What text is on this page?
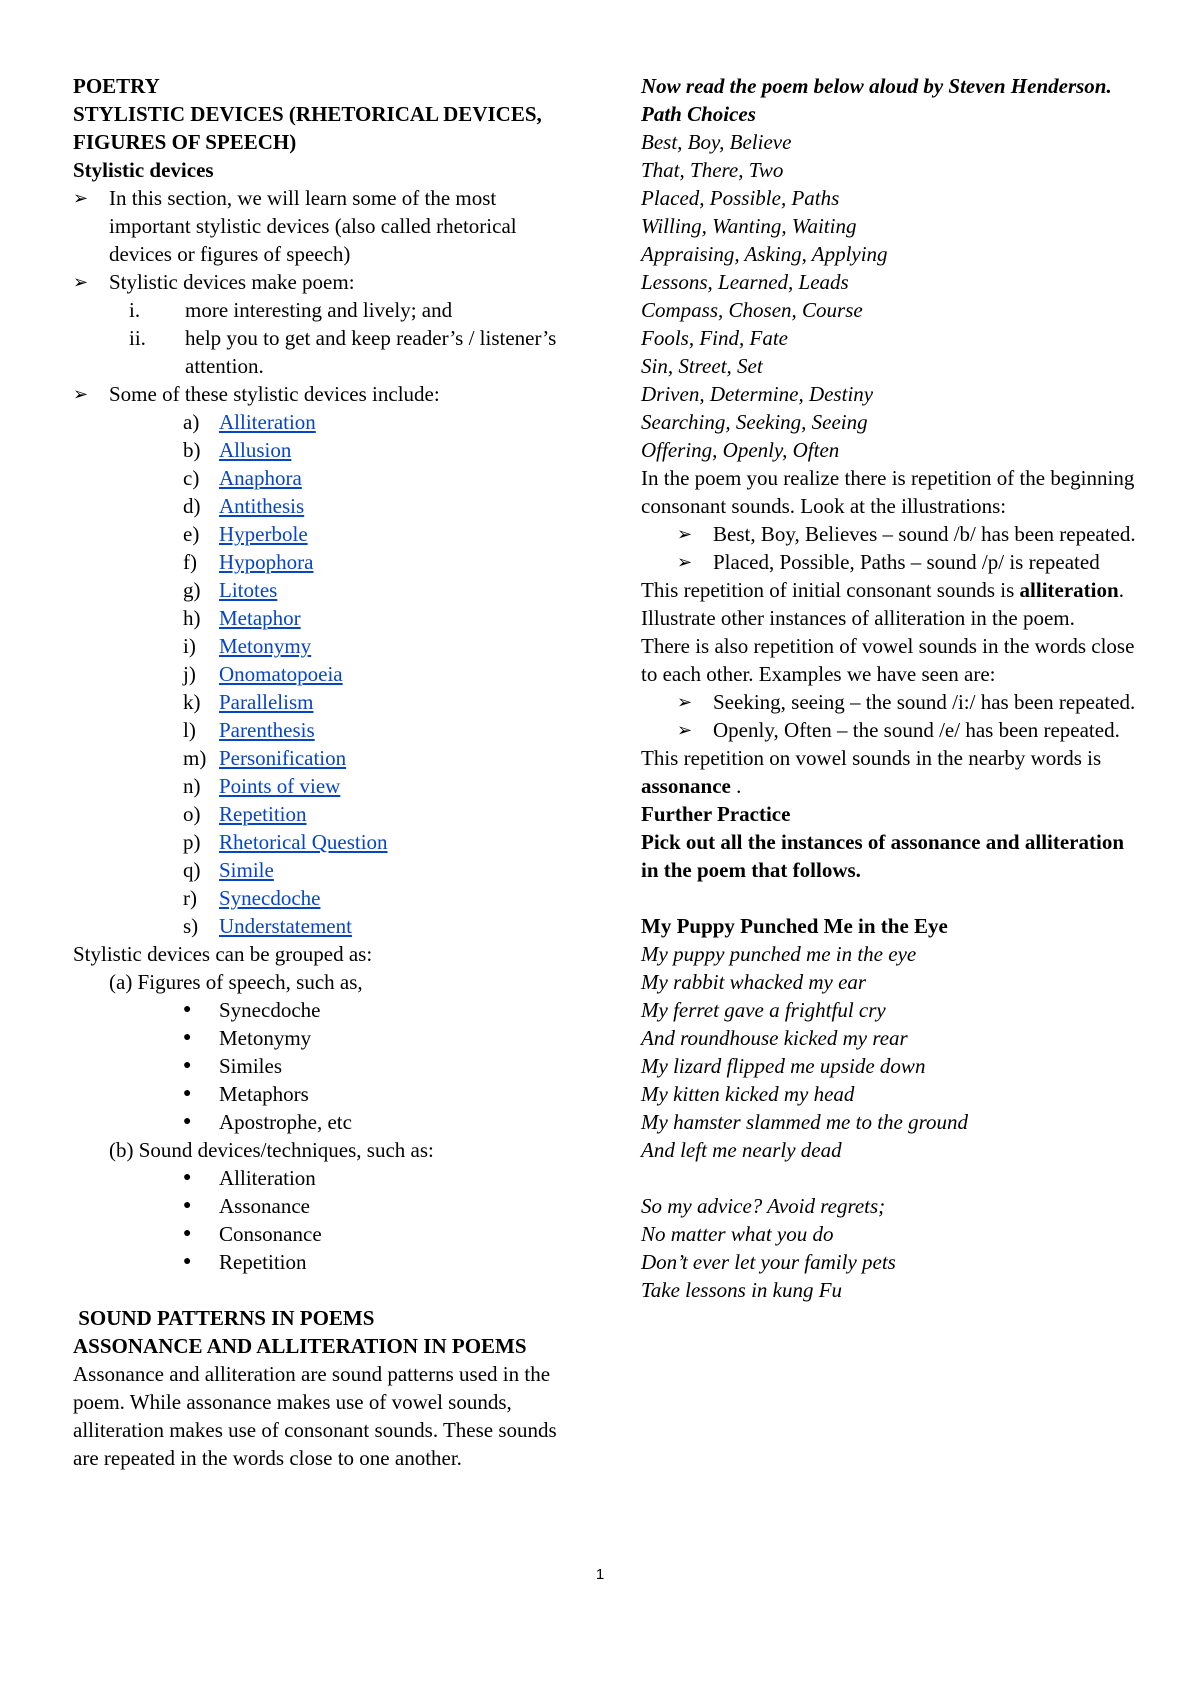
POETRY
STYLISTIC DEVICES (RHETORICAL DEVICES, FIGURES OF SPEECH)
Stylistic devices
➢ In this section, we will learn some of the most important stylistic devices (also called rhetorical devices or figures of speech)
➢ Stylistic devices make poem:
i.	more interesting and lively; and
ii.	help you to get and keep reader’s / listener’s attention.
➢ Some of these stylistic devices include:
a) Alliteration
b) Allusion
c) Anaphora
d) Antithesis
e) Hyperbole
f)	Hypophora
g) Litotes
h) Metaphor
i)	Metonymy
j)	Onomatopoeia
k) Parallelism
l)	Parenthesis
m) Personification
n) Points of view
o) Repetition
p) Rhetorical Question
q) Simile
r)	Synecdoche
s) Understatement
Stylistic devices can be grouped as:
(a) Figures of speech, such as,
●	Synecdoche
●	Metonymy
●	Similes
●	Metaphors
●	Apostrophe, etc
(b) Sound devices/techniques, such as:
●	Alliteration
●	Assonance
●	Consonance
●	Repetition
SOUND PATTERNS IN POEMS
ASSONANCE AND ALLITERATION IN POEMS
Assonance and alliteration are sound patterns used in the poem. While assonance makes use of vowel sounds, alliteration makes use of consonant sounds. These sounds are repeated in the words close to one another.
Now read the poem below aloud by Steven Henderson.
Path Choices
Best, Boy, Believe
That, There, Two
Placed, Possible, Paths
Willing, Wanting, Waiting
Appraising, Asking, Applying
Lessons, Learned, Leads
Compass, Chosen, Course
Fools, Find, Fate
Sin, Street, Set
Driven, Determine, Destiny
Searching, Seeking, Seeing
Offering, Openly, Often
In the poem you realize there is repetition of the beginning consonant sounds. Look at the illustrations:
➢ Best, Boy, Believes – sound /b/ has been repeated.
➢ Placed, Possible, Paths – sound /p/ is repeated
This repetition of initial consonant sounds is alliteration. Illustrate other instances of alliteration in the poem.
There is also repetition of vowel sounds in the words close to each other. Examples we have seen are:
➢ Seeking, seeing – the sound /i:/ has been repeated.
➢ Openly, Often – the sound /e/ has been repeated.
This repetition on vowel sounds in the nearby words is assonance .
Further Practice
Pick out all the instances of assonance and alliteration in the poem that follows.
My Puppy Punched Me in the Eye
My puppy punched me in the eye
My rabbit whacked my ear
My ferret gave a frightful cry
And roundhouse kicked my rear
My lizard flipped me upside down
My kitten kicked my head
My hamster slammed me to the ground
And left me nearly dead
So my advice? Avoid regrets;
No matter what you do
Don’t ever let your family pets
Take lessons in kung Fu
1
